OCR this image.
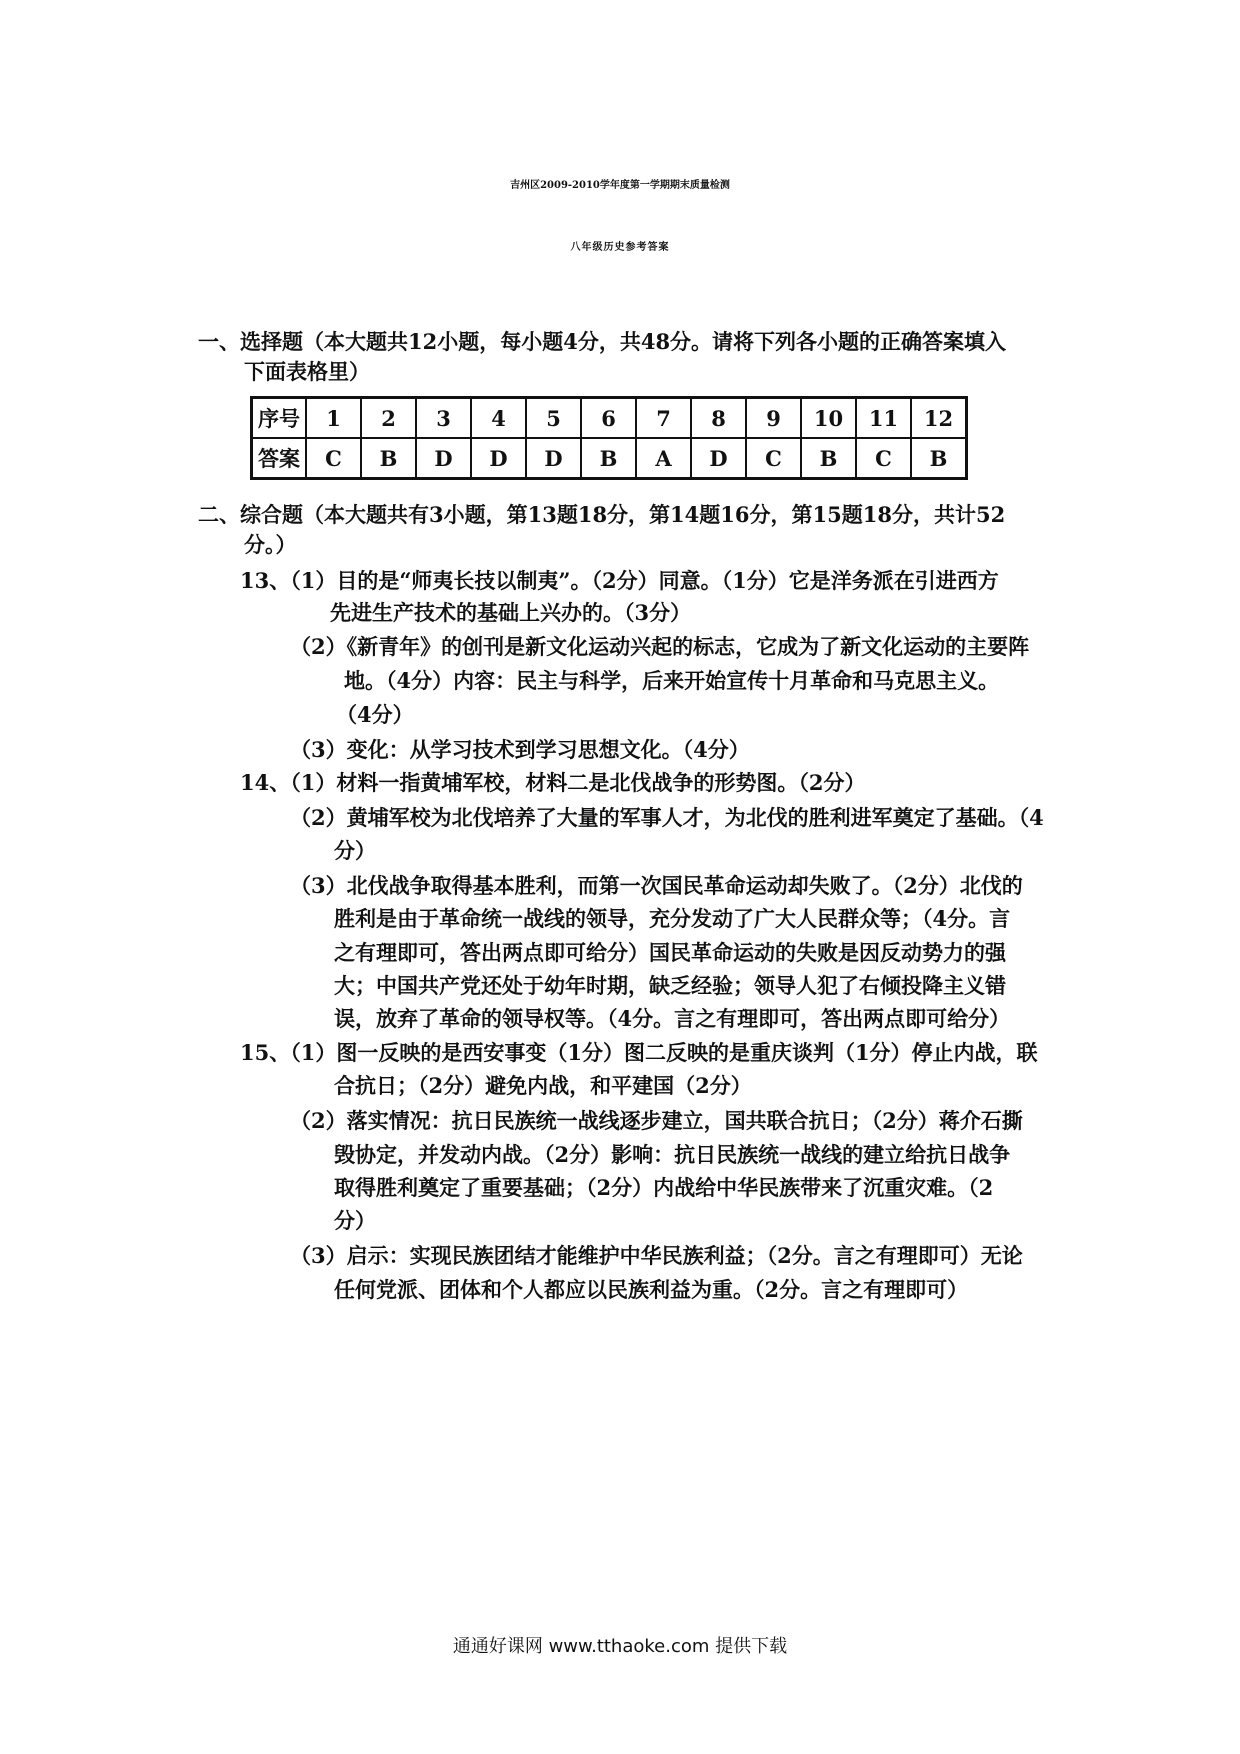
吉州区2009-2010学年度第一学期期末质量检测
八年级历史参考答案
一、选择题（本大题共12小题，每小题4分，共48分。请将下列各小题的正确答案填入
下面表格里）
序号	1	2	3	4	5	6	7	8	9	10	11	12
答案	C	B	D	D	D	B	A	D	C	B	C	B
二、综合题（本大题共有3小题，第13题18分，第14题16分，第15题18分，共计52
分。）
13、（1）目的是“师夷长技以制夷”。（2分）同意。（1分）它是洋务派在引进西方
先进生产技术的基础上兴办的。（3分）
（2）《新青年》的创刊是新文化运动兴起的标志，它成为了新文化运动的主要阵
地。（4分）内容：民主与科学，后来开始宣传十月革命和马克思主义。
（4分）
（3）变化：从学习技术到学习思想文化。（4分）
14、（1）材料一指黄埔军校，材料二是北伐战争的形势图。（2分）
（2）黄埔军校为北伐培养了大量的军事人才，为北伐的胜利进军奠定了基础。（4
分）
（3）北伐战争取得基本胜利，而第一次国民革命运动却失败了。（2分）北伐的
胜利是由于革命统一战线的领导，充分发动了广大人民群众等；（4分。言
之有理即可，答出两点即可给分）国民革命运动的失败是因反动势力的强
大；中国共产党还处于幼年时期，缺乏经验；领导人犯了右倾投降主义错
误，放弃了革命的领导权等。（4分。言之有理即可，答出两点即可给分）
15、（1）图一反映的是西安事变（1分）图二反映的是重庆谈判（1分）停止内战，联
合抗日；（2分）避免内战，和平建国（2分）
（2）落实情况：抗日民族统一战线逐步建立，国共联合抗日；（2分）蒋介石撕
毁协定，并发动内战。（2分）影响：抗日民族统一战线的建立给抗日战争
取得胜利奠定了重要基础；（2分）内战给中华民族带来了沉重灾难。（2
分）
（3）启示：实现民族团结才能维护中华民族利益；（2分。言之有理即可）无论
任何党派、团体和个人都应以民族利益为重。（2分。言之有理即可）
通通好课网 www.tthaoke.com 提供下载
